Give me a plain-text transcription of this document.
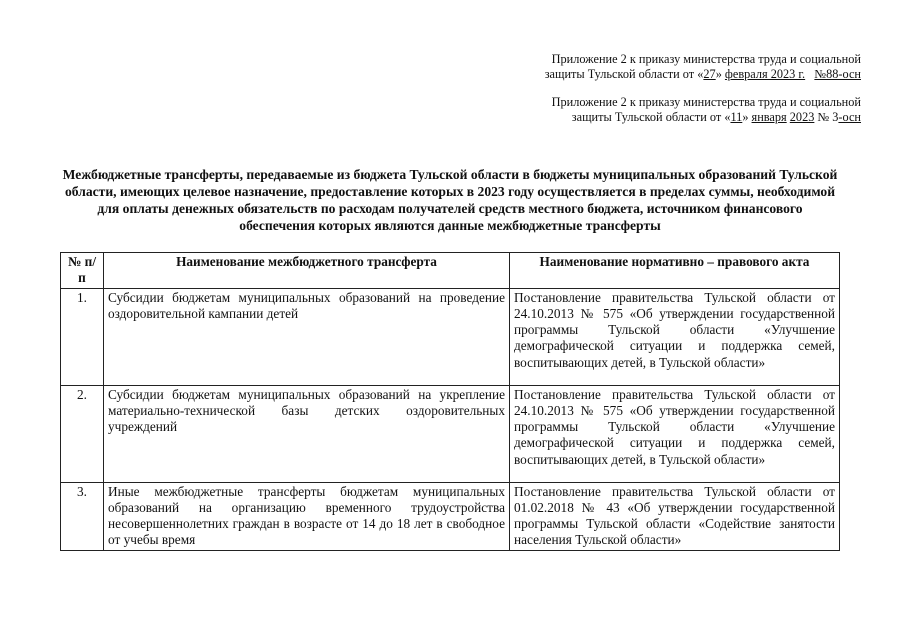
Приложение 2 к приказу министерства труда и социальной
защиты Тульской области от «27» февраля 2023 г. №88-осн
Приложение 2 к приказу министерства труда и социальной
защиты Тульской области от «11» января 2023 № 3-осн
Межбюджетные трансферты, передаваемые из бюджета Тульской области в бюджеты муниципальных образований Тульской области, имеющих целевое назначение, предоставление которых в 2023 году осуществляется в пределах суммы, необходимой для оплаты денежных обязательств по расходам получателей средств местного бюджета, источником финансового обеспечения которых являются данные межбюджетные трансферты
№ п/п	Наименование межбюджетного трансферта	Наименование нормативно – правового акта
1.	Субсидии бюджетам муниципальных образований на проведение оздоровительной кампании детей	Постановление правительства Тульской области от 24.10.2013 № 575 «Об утверждении государственной программы Тульской области «Улучшение демографической ситуации и поддержка семей, воспитывающих детей, в Тульской области»
2.	Субсидии бюджетам муниципальных образований на укрепление материально-технической базы детских оздоровительных учреждений	Постановление правительства Тульской области от 24.10.2013 № 575 «Об утверждении государственной программы Тульской области «Улучшение демографической ситуации и поддержка семей, воспитывающих детей, в Тульской области»
3.	Иные межбюджетные трансферты бюджетам муниципальных образований на организацию временного трудоустройства несовершеннолетних граждан в возрасте от 14 до 18 лет в свободное от учебы время	Постановление правительства Тульской области от 01.02.2018 № 43 «Об утверждении государственной программы Тульской области «Содействие занятости населения Тульской области»
